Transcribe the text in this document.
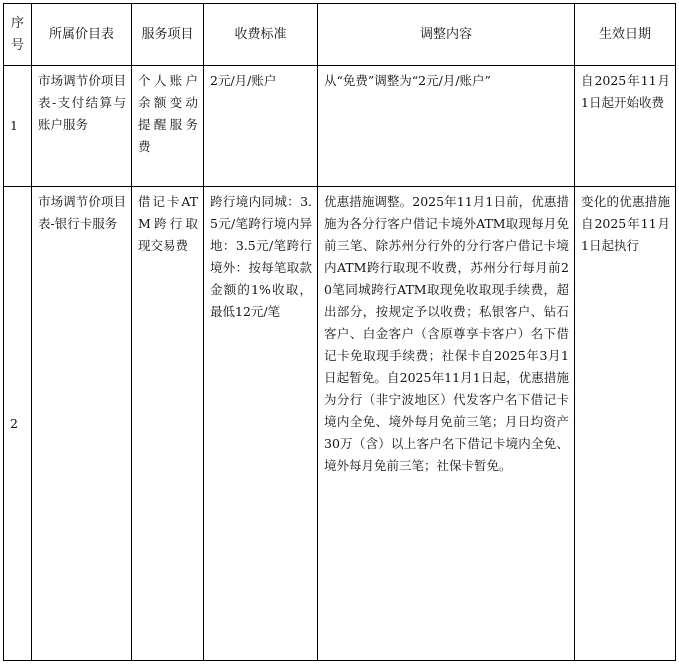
序号	所属价目表	服务项目	收费标准	调整内容	生效日期
1	市场调节价项目表-支付结算与账户服务	个人账户余额变动提醒服务费	2元/月/账户	从“免费”调整为“2元/月/账户”	自2025年11月1日起开始收费

2	市场调节价项目表-银行卡服务	借记卡ATM跨行取现交易费	跨行境内同城：3.5元/笔跨行境内异地：3.5元/笔跨行境外：按每笔取款金额的1%收取，最低12元/笔	优惠措施调整。2025年11月1日前，优惠措施为各分行客户借记卡境外ATM取现每月免前三笔、除苏州分行外的分行客户借记卡境内ATM跨行取现不收费，苏州分行每月前20笔同城跨行ATM取现免收取现手续费，超出部分，按规定予以收费；私银客户、钻石客户、白金客户（含原尊享卡客户）名下借记卡免取现手续费；社保卡自2025年3月1日起暂免。自2025年11月1日起，优惠措施为分行（非宁波地区）代发客户名下借记卡境内全免、境外每月免前三笔；月日均资产30万（含）以上客户名下借记卡境内全免、境外每月免前三笔；社保卡暂免。	变化的优惠措施自2025年11月1日起执行
